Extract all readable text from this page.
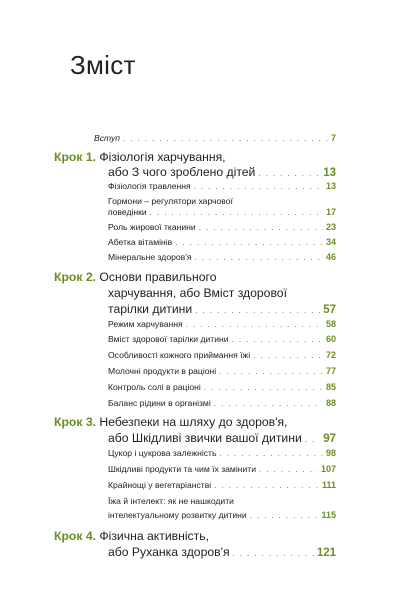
Зміст
Вступ . . .	7
Крок 1. Фізіологія харчування,
або З чого зроблено дітей . . .	13
Фізіологія травлення . . .	13
Гормони – регулятори харчової
поведінки . . .	17
Роль жирової тканини . . .	23
Абетка вітамінів . . .	34
Мінеральне здоров'я . . .	46
Крок 2. Основи правильного
харчування, або Вміст здорової
тарілки дитини . . .	57
Режим харчування . . .	58
Вміст здорової тарілки дитини . . .	60
Особливості кожного приймання їжі . . .	72
Молочні продукти в раціоні . . .	77
Контроль солі в раціоні . . .	85
Баланс рідини в організмі . . .	88
Крок 3. Небезпеки на шляху до здоров'я,
або Шкідливі звички вашої дитини . . . 97
Цукор і цукрова залежність . . .	98
Шкідливі продукти та чим їх замінити . . .	107
Крайнощі у вегетаріанстві . . .	111
Їжа й інтелект: як не нашкодити
інтелектуальному розвитку дитини . . .	115
Крок 4. Фізична активність,
або Руханка здоров'я . . .	121
